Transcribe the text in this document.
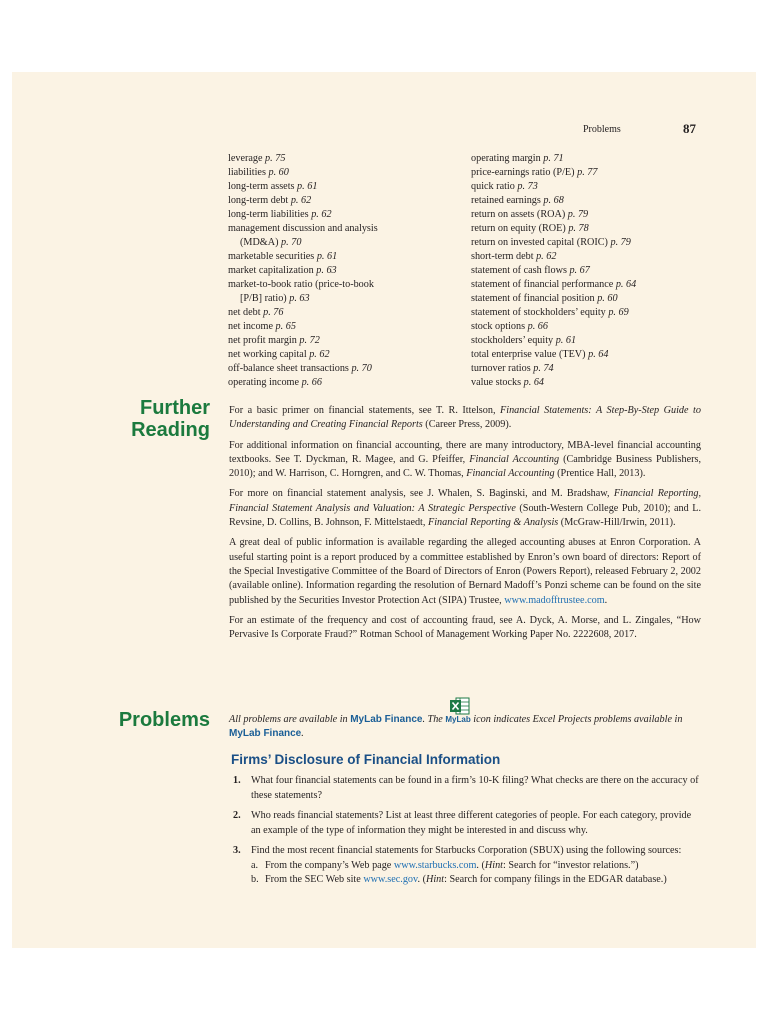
Problems	87
leverage p. 75
liabilities p. 60
long-term assets p. 61
long-term debt p. 62
long-term liabilities p. 62
management discussion and analysis
(MD&A) p. 70
marketable securities p. 61
market capitalization p. 63
market-to-book ratio (price-to-book
[P/B] ratio) p. 63
net debt p. 76
net income p. 65
net profit margin p. 72
net working capital p. 62
off-balance sheet transactions p. 70
operating income p. 66
operating margin p. 71
price-earnings ratio (P/E) p. 77
quick ratio p. 73
retained earnings p. 68
return on assets (ROA) p. 79
return on equity (ROE) p. 78
return on invested capital (ROIC) p. 79
short-term debt p. 62
statement of cash flows p. 67
statement of financial performance p. 64
statement of financial position p. 60
statement of stockholders’ equity p. 69
stock options p. 66
stockholders’ equity p. 61
total enterprise value (TEV) p. 64
turnover ratios p. 74
value stocks p. 64
Further
Reading

For a basic primer on financial statements, see T. R. Ittelson, Financial Statements: A Step-By-Step Guide to Understanding and Creating Financial Reports (Career Press, 2009).

For additional information on financial accounting, there are many introductory, MBA-level financial accounting textbooks. See T. Dyckman, R. Magee, and G. Pfeiffer, Financial Accounting (Cambridge Business Publishers, 2010); and W. Harrison, C. Horngren, and C. W. Thomas, Financial Accounting (Prentice Hall, 2013).

For more on financial statement analysis, see J. Whalen, S. Baginski, and M. Bradshaw, Financial Reporting, Financial Statement Analysis and Valuation: A Strategic Perspective (South-Western College Pub, 2010); and L. Revsine, D. Collins, B. Johnson, F. Mittelstaedt, Financial Reporting & Analysis (McGraw-Hill/Irwin, 2011).

A great deal of public information is available regarding the alleged accounting abuses at Enron Corporation. A useful starting point is a report produced by a committee established by Enron’s own board of directors: Report of the Special Investigative Committee of the Board of Directors of Enron (Powers Report), released February 2, 2002 (available online). Information regarding the resolution of Bernard Madoff’s Ponzi scheme can be found on the site published by the Securities Investor Protection Act (SIPA) Trustee, www.madofftrustee.com.

For an estimate of the frequency and cost of accounting fraud, see A. Dyck, A. Morse, and L. Zingales, “How Pervasive Is Corporate Fraud?” Rotman School of Management Working Paper No. 2222608, 2017.

Problems All problems are available in MyLab Finance. The MyLab icon indicates Excel Projects problems available in MyLab Finance.
Firms’ Disclosure of Financial Information
1. What four financial statements can be found in a firm’s 10-K filing? What checks are there on the accuracy of these statements?
2. Who reads financial statements? List at least three different categories of people. For each category, provide an example of the type of information they might be interested in and discuss why.
3. Find the most recent financial statements for Starbucks Corporation (SBUX) using the following sources:
a. From the company’s Web page www.starbucks.com. (Hint: Search for “investor relations.”)
b. From the SEC Web site www.sec.gov. (Hint: Search for company filings in the EDGAR database.)
